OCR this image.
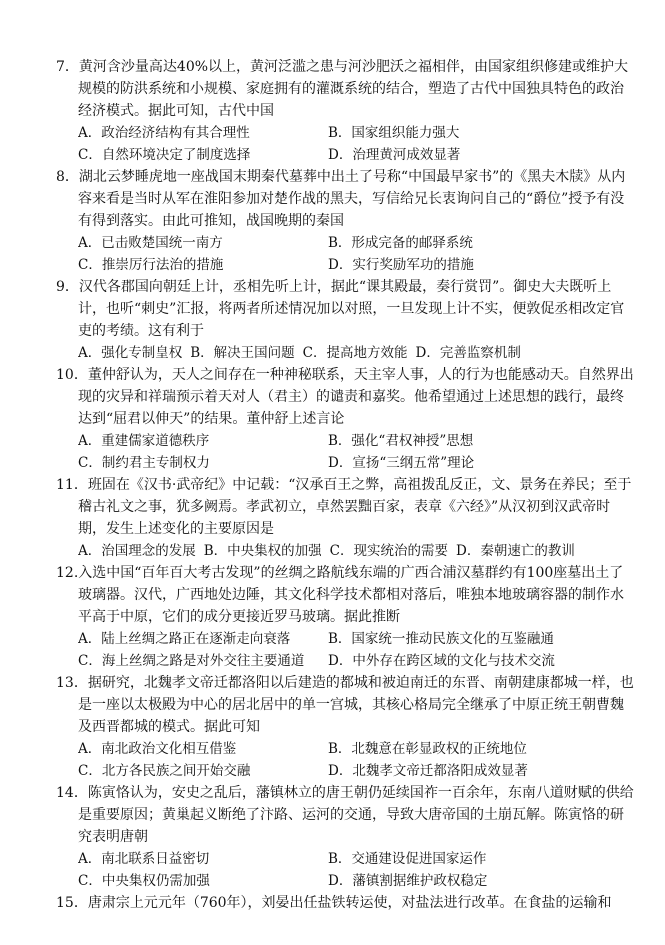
7．黄河含沙量高达40%以上，黄河泛滥之患与河沙肥沃之福相伴，由国家组织修建或维护大规模的防洪系统和小规模、家庭拥有的灌溉系统的结合，塑造了古代中国独具特色的政治经济模式。据此可知，古代中国

A．政治经济结构有其合理性	B．国家组织能力强大
C．自然环境决定了制度选择	D．治理黄河成效显著

8．湖北云梦睡虎地一座战国末期秦代墓葬中出土了号称“中国最早家书”的《黑夫木牍》从内容来看是当时从军在淮阳参加对楚作战的黑夫，写信给兄长衷询问自己的“爵位”授予有没有得到落实。由此可推知，战国晚期的秦国

A．已击败楚国统一南方	B．形成完备的邮驿系统
C．推崇厉行法治的措施	D．实行奖励军功的措施

9．汉代各郡国向朝廷上计，丞相先听上计，据此“课其殿最，奏行赏罚”。御史大夫既听上计，也听“刺史”汇报，将两者所述情况加以对照，一旦发现上计不实，便敦促丞相改定官吏的考绩。这有利于

A．强化专制皇权 B．解决王国问题 C．提高地方效能 D．完善监察机制

10．董仲舒认为，天人之间存在一种神秘联系，天主宰人事，人的行为也能感动天。自然界出现的灾异和祥瑞预示着天对人（君主）的谴责和嘉奖。他希望通过上述思想的践行，最终达到“屈君以伸天”的结果。董仲舒上述言论

A．重建儒家道德秩序	B．强化“君权神授”思想
C．制约君主专制权力	D．宣扬“三纲五常”理论

11．班固在《汉书·武帝纪》中记载：“汉承百王之弊，高祖拨乱反正，文、景务在养民；至于稽古礼文之事，犹多阙焉。孝武初立，卓然罢黜百家，表章《六经》”从汉初到汉武帝时期，发生上述变化的主要原因是

A．治国理念的发展 B．中央集权的加强 C．现实统治的需要 D．秦朝速亡的教训

12.入选中国“百年百大考古发现”的丝绸之路航线东端的广西合浦汉墓群约有100座墓出土了玻璃器。汉代，广西地处边陲，其文化科学技术都相对落后，唯独本地玻璃容器的制作水平高于中原，它们的成分更接近罗马玻璃。据此推断

A．陆上丝绸之路正在逐渐走向衰落	B．国家统一推动民族文化的互鉴融通
C．海上丝绸之路是对外交往主要通道	D．中外存在跨区域的文化与技术交流

13．据研究，北魏孝文帝迁都洛阳以后建造的都城和被迫南迁的东晋、南朝建康都城一样，也是一座以太极殿为中心的居北居中的单一宫城，其核心格局完全继承了中原正统王朝曹魏及西晋都城的模式。据此可知

A．南北政治文化相互借鉴	B．北魏意在彰显政权的正统地位
C．北方各民族之间开始交融	D．北魏孝文帝迁都洛阳成效显著

14．陈寅恪认为，安史之乱后，藩镇林立的唐王朝仍延续国祚一百余年，东南八道财赋的供给是重要原因；黄巢起义断绝了汴路、运河的交通，导致大唐帝国的土崩瓦解。陈寅恪的研究表明唐朝

A．南北联系日益密切	B．交通建设促进国家运作
C．中央集权仍需加强	D．藩镇割据维护政权稳定

15．唐肃宗上元元年（760年），刘晏出任盐铁转运使，对盐法进行改革。在食盐的运输和
